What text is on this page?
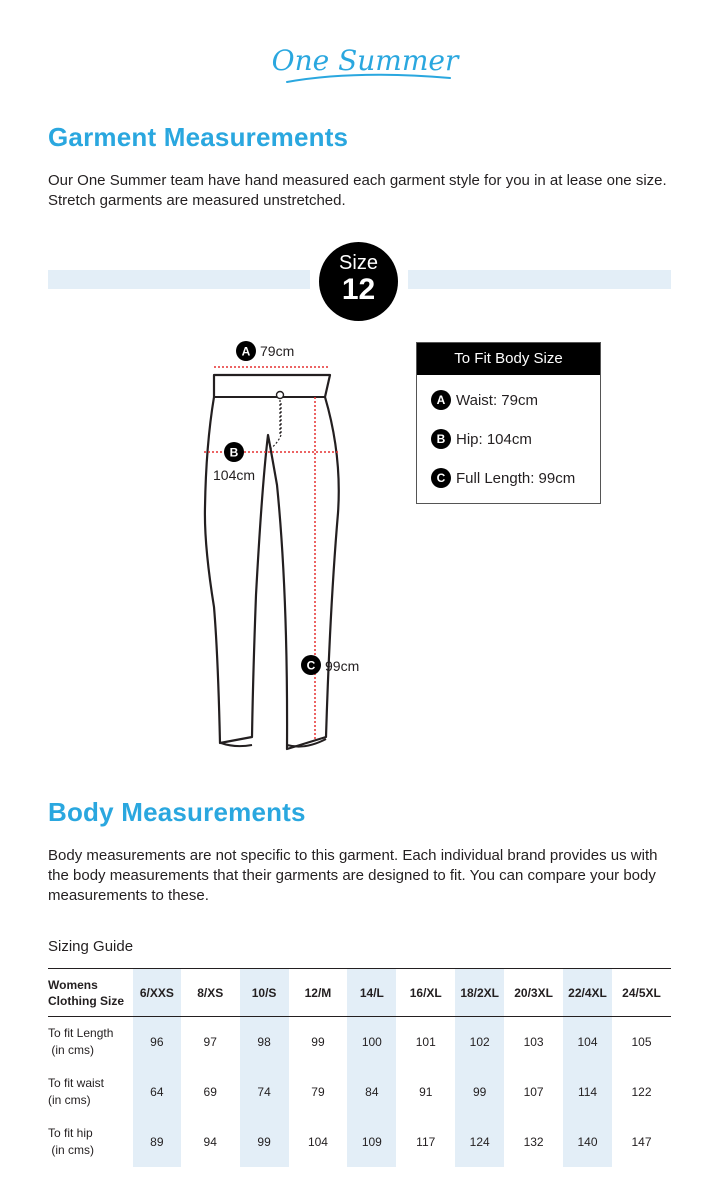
One Summer
Garment Measurements

Our One Summer team have hand measured each garment style for you in at lease one size.
Stretch garments are measured unstretched.

Size
12
A 79cm
B
104cm
C 99cm
To Fit Body Size
A Waist: 79cm
B Hip: 104cm
C Full Length: 99cm
Body Measurements

Body measurements are not specific to this garment. Each individual brand provides us with
the body measurements that their garments are designed to fit. You can compare your body
measurements to these.

Sizing Guide
Womens
Clothing Size	6/XXS	8/XS	10/S	12/M	14/L	16/XL	18/2XL	20/3XL	22/4XL	24/5XL
To fit Length
(in cms)	96	97	98	99	100	101	102	103	104	105
To fit waist
(in cms)	64	69	74	79	84	91	99	107	114	122
To fit hip
(in cms)	89	94	99	104	109	117	124	132	140	147
